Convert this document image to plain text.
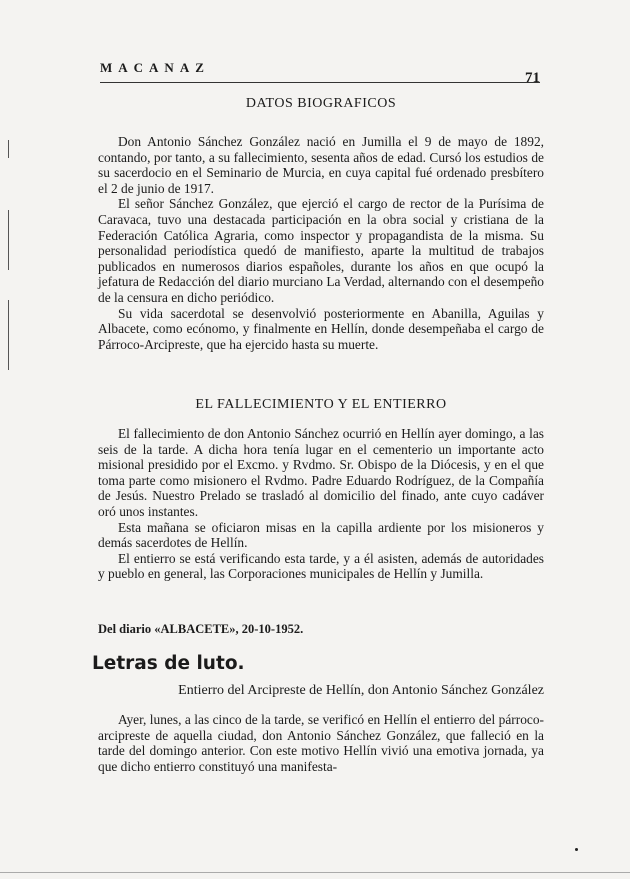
MACANAZ
71

DATOS BIOGRAFICOS

Don Antonio Sánchez González nació en Jumilla el 9 de mayo de 1892, contando, por tanto, a su fallecimiento, sesenta años de edad. Cursó los estudios de su sacerdocio en el Seminario de Murcia, en cuya capital fué ordenado presbítero el 2 de junio de 1917.

El señor Sánchez González, que ejerció el cargo de rector de la Purísima de Caravaca, tuvo una destacada participación en la obra social y cristiana de la Federación Católica Agraria, como inspector y propagandista de la misma. Su personalidad periodística quedó de manifiesto, aparte la multitud de trabajos publicados en numerosos diarios españoles, durante los años en que ocupó la jefatura de Redacción del diario murciano La Verdad, alternando con el desempeño de la censura en dicho periódico.

Su vida sacerdotal se desenvolvió posteriormente en Abanilla, Aguilas y Albacete, como ecónomo, y finalmente en Hellín, donde desempeñaba el cargo de Párroco-Arcipreste, que ha ejercido hasta su muerte.

EL FALLECIMIENTO Y EL ENTIERRO

El fallecimiento de don Antonio Sánchez ocurrió en Hellín ayer domingo, a las seis de la tarde. A dicha hora tenía lugar en el cementerio un importante acto misional presidido por el Excmo. y Rvdmo. Sr. Obispo de la Diócesis, y en el que toma parte como misionero el Rvdmo. Padre Eduardo Rodríguez, de la Compañía de Jesús. Nuestro Prelado se trasladó al domicilio del finado, ante cuyo cadáver oró unos instantes.

Esta mañana se oficiaron misas en la capilla ardiente por los misioneros y demás sacerdotes de Hellín.

El entierro se está verificando esta tarde, y a él asisten, además de autoridades y pueblo en general, las Corporaciones municipales de Hellín y Jumilla.

Del diario «ALBACETE», 20-10-1952.

Letras de luto.

Entierro del Arcipreste de Hellín, don Antonio Sánchez González

Ayer, lunes, a las cinco de la tarde, se verificó en Hellín el entierro del párroco-arcipreste de aquella ciudad, don Antonio Sánchez González, que falleció en la tarde del domingo anterior. Con este motivo Hellín vivió una emotiva jornada, ya que dicho entierro constituyó una manifesta-
